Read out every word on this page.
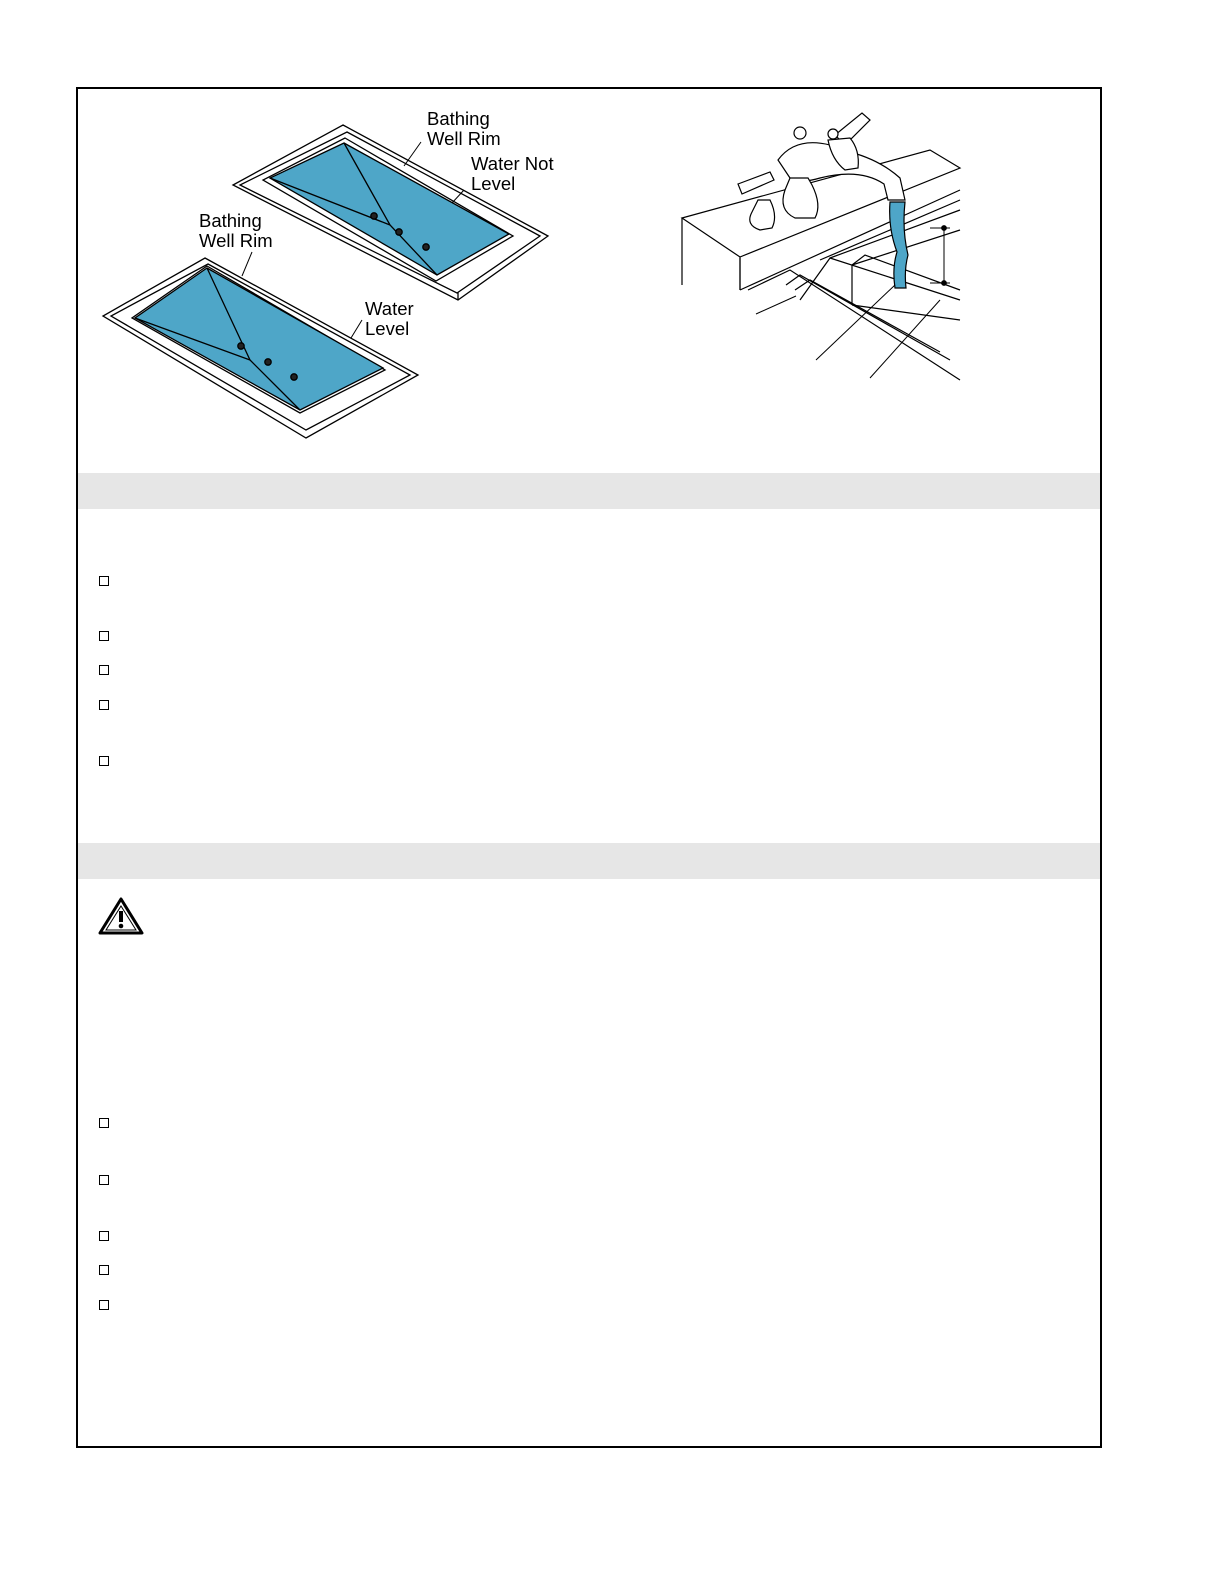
Bathing
Well Rim
Water Not
Level
Bathing
Well Rim
Water
Level
